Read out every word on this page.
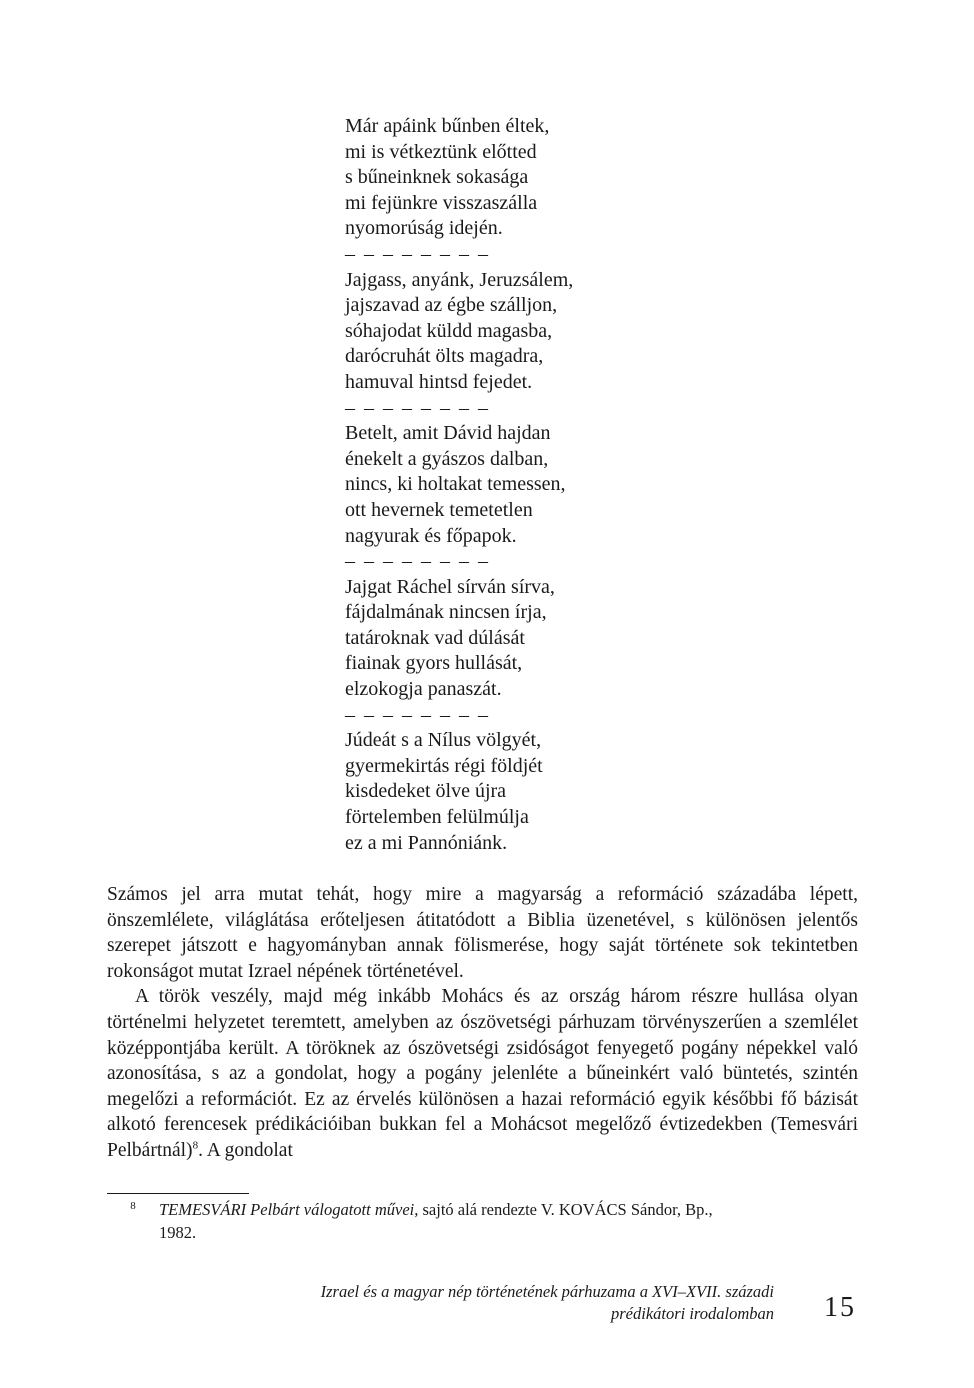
Már apáink bűnben éltek,
mi is vétkeztünk előtted
s bűneinknek sokasága
mi fejünkre visszaszálla
nyomorúság idején.
– – – – – – – –
Jajgass, anyánk, Jeruzsálem,
jajszavad az égbe szálljon,
sóhajodat küldd magasba,
darócruhát ölts magadra,
hamuval hintsd fejedet.
– – – – – – – –
Betelt, amit Dávid hajdan
énekelt a gyászos dalban,
nincs, ki holtakat temessen,
ott hevernek temetetlen
nagyurak és főpapok.
– – – – – – – –
Jajgat Ráchel sírván sírva,
fájdalmának nincsen írja,
tatároknak vad dúlását
fiainak gyors hullását,
elzokogja panaszát.
– – – – – – – –
Júdeát s a Nílus völgyét,
gyermekirtás régi földjét
kisdedeket ölve újra
förtelemben felülmúlja
ez a mi Pannóniánk.

Számos jel arra mutat tehát, hogy mire a magyarság a reformáció századába lépett, önszemlélete, világlátása erőteljesen átitatódott a Biblia üzenetével, s különösen jelentős szerepet játszott e hagyományban annak fölismerése, hogy saját története sok tekintetben rokonságot mutat Izrael népének történetével.

A török veszély, majd még inkább Mohács és az ország három részre hullása olyan történelmi helyzetet teremtett, amelyben az ószövetségi párhuzam törvényszerűen a szemlélet középpontjába került. A töröknek az ószövetségi zsidóságot fenyegető pogány népekkel való azonosítása, s az a gondolat, hogy a pogány jelenléte a bűneinkért való büntetés, szintén megelőzi a reformációt. Ez az érvelés különösen a hazai reformáció egyik későbbi fő bázisát alkotó ferencesek prédikációiban bukkan fel a Mohácsot megelőző évtizedekben (Temesvári Pelbártnál)$^8$. A gondolat

8 TEMESVÁRI Pelbárt válogatott művei, sajtó alá rendezte V. KOVÁCS Sándor, Bp.,
1982.
Izrael és a magyar nép történetének párhuzama a XVI–XVII. századi
prédikátori irodalomban 15
